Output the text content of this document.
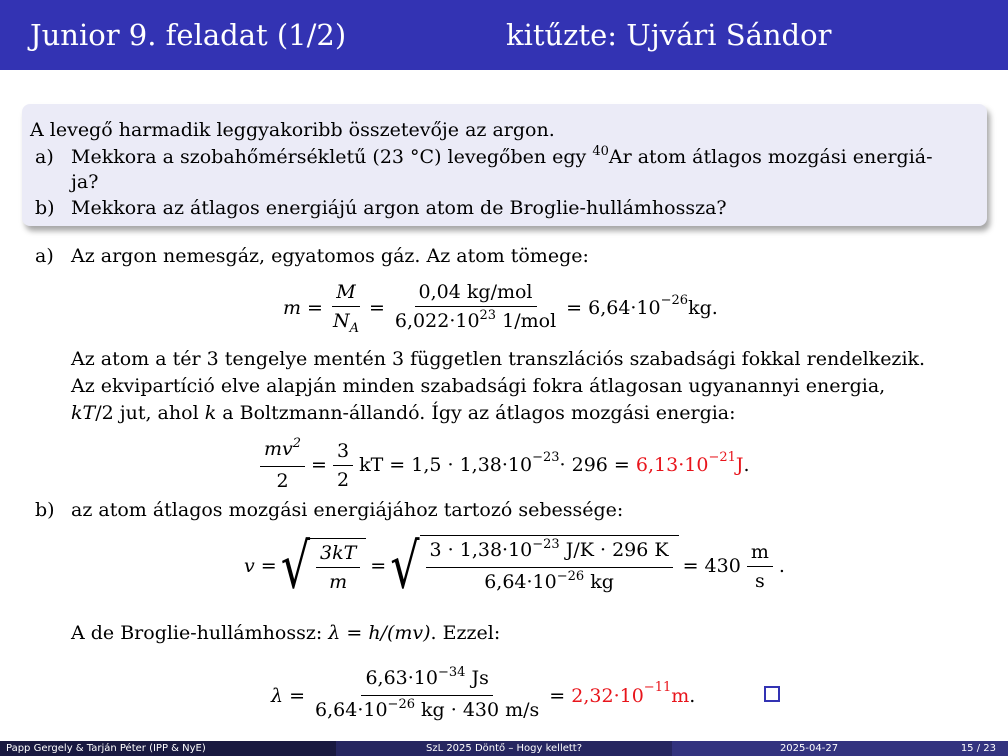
Junior 9. feladat (1/2)	kitűzte: Ujvári Sándor
A levegő harmadik leggyakoribb összetevője az argon.
a) Mekkora a szobahőmérsékletű (23 °C) levegőben egy $^{40}$Ar atom átlagos mozgási energiá-
ja?
b) Mekkora az átlagos energiájú argon atom de Broglie-hullámhossza?
a) Az argon nemesgáz, egyatomos gáz. Az atom tömege:
$m = \frac{M}{N_A} = \frac{\text{0,04 kg/mol}}{6,022\cdot 10^{23} 1/mol} = 6,64\cdot 10^{-26}$ kg.
Az atom a tér 3 tengelye mentén 3 független transzlációs szabadsági fokkal rendelkezik.
Az ekvipartíció elve alapján minden szabadsági fokra átlagosan ugyanannyi energia,
kT/2 jut, ahol k a Boltzmann-állandó. Így az átlagos mozgási energia:
$\frac{mv^2}{2} = \frac{3}{2}$ kT = $1,5 \cdot 1,38\cdot 10^{-23} \cdot 296$ =
$6,13\cdot 10^{-21}$ J .
b) az atom átlagos mozgási energiájához tartozó sebessége:
v = √ $\frac{3kT}{m}$ = √ $\frac{3 \cdot 1,38\cdot 10^{-23} J/K \cdot 296 K}{6,64\cdot 10^{-26} kg} = 430 \frac{m}{s}$ .
A de Broglie-hullámhossz: λ = h/(mv). Ezzel:
$\lambda = \frac{6,63\cdot 10^{-34} Js}{6,64\cdot 10^{-26} kg \cdot 430 m/s}$ =
$2,32\cdot 10^{-11}$ m .
Papp Gergely & Tarján Péter (IPP & NyE)	SzL 2025 Döntő – Hogy kellett?	2025-04-27	15 / 23
